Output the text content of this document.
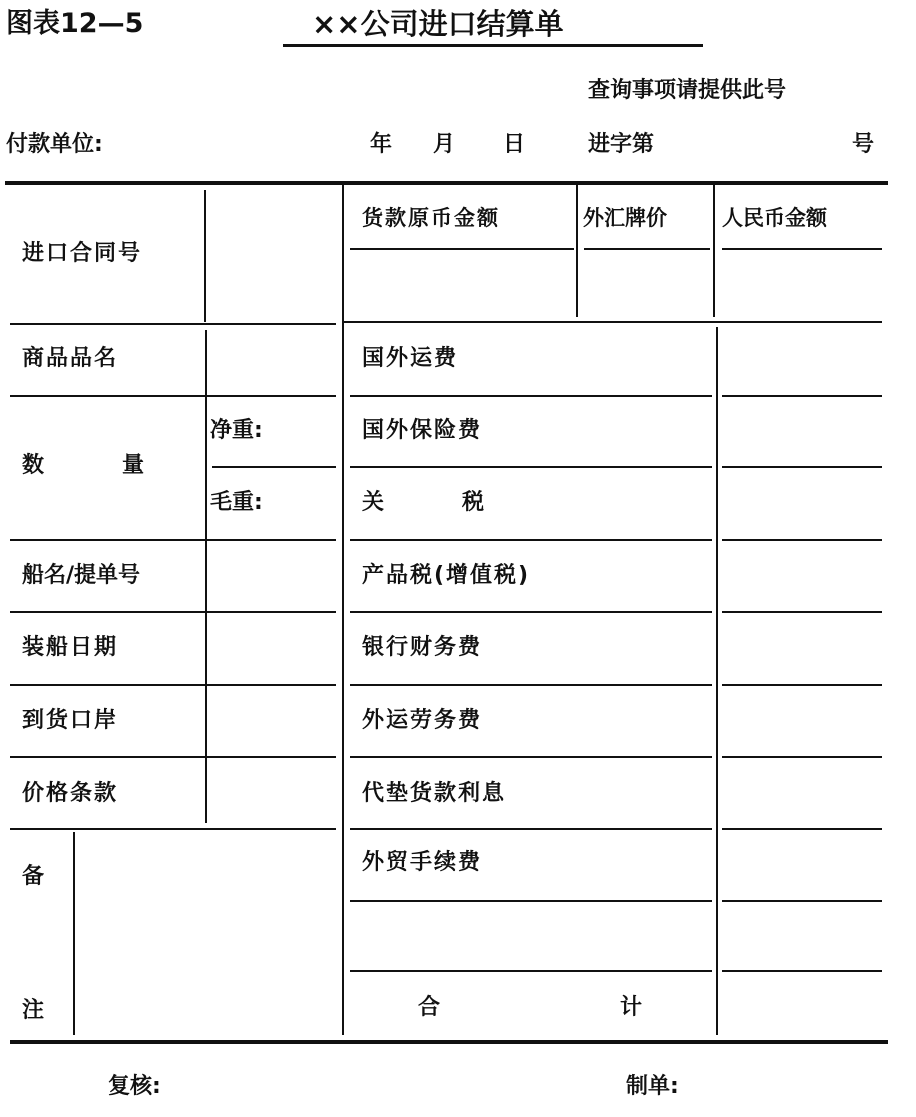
图表12—5	××公司进口结算单
查询事项请提供此号
付款单位:	年 月 日	进字第	号
进口合同号
商品品名
数	量
净重:
毛重:
船名/提单号
装船日期
到货口岸
价格条款
备
注
货款原币金额	外汇牌价	人民币金额
国外运费
国外保险费
关	税
产品税(增值税)
银行财务费
外运劳务费
代垫货款利息
外贸手续费
合	计
复核:	制单:
